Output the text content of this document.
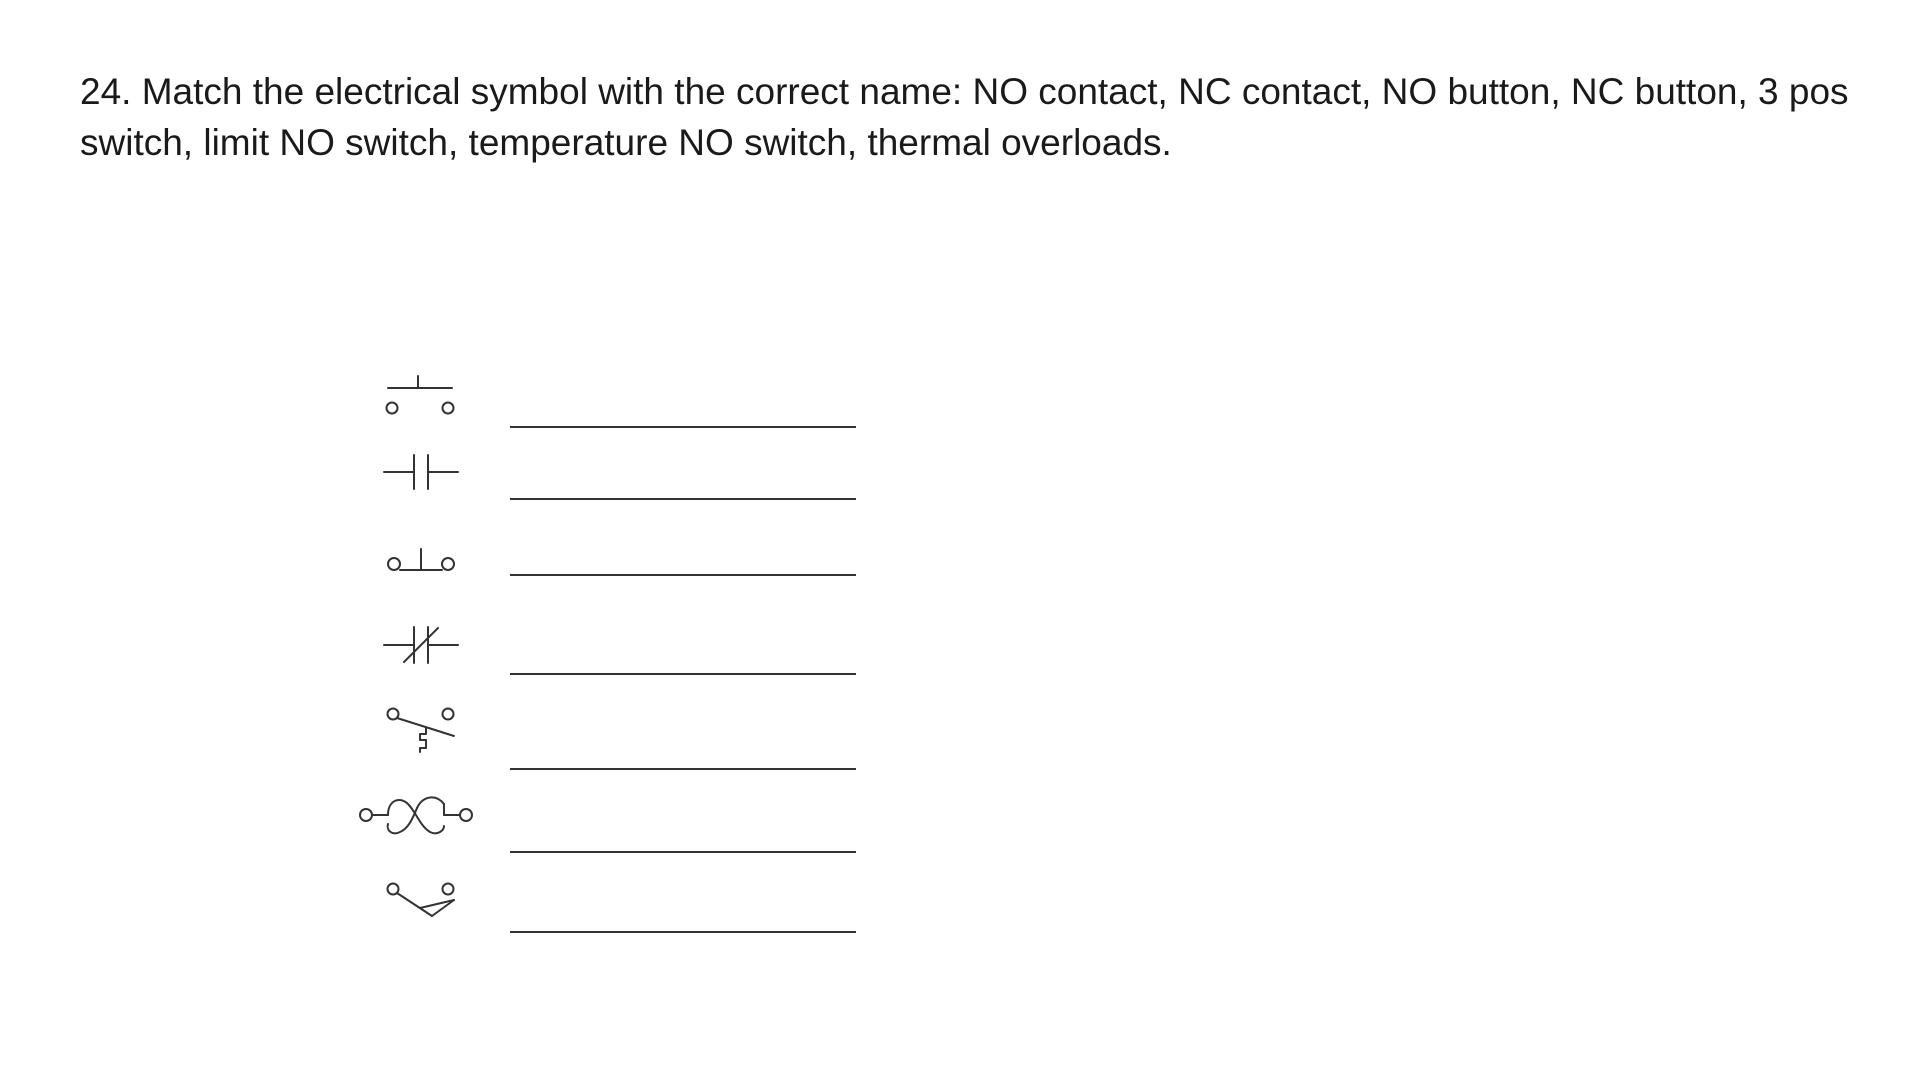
24. Match the electrical symbol with the correct name: NO contact, NC contact, NO button, NC button, 3 pos switch, limit NO switch, temperature NO switch, thermal overloads.
